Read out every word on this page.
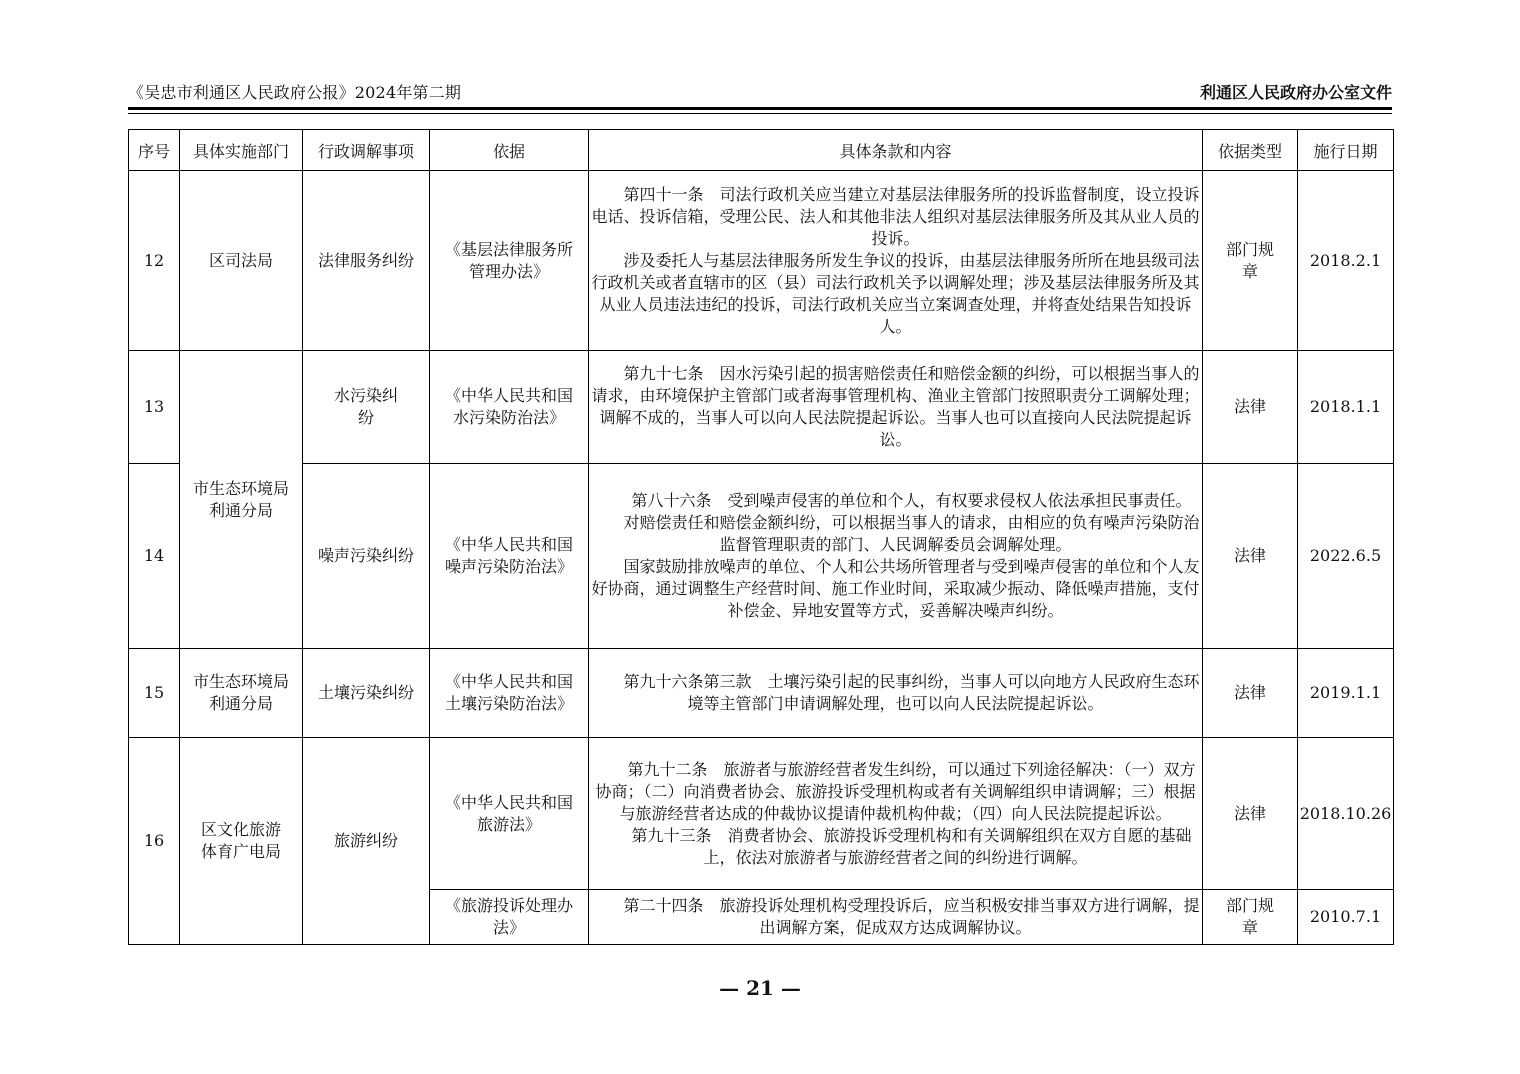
《吴忠市利通区人民政府公报》2024年第二期	利通区人民政府办公室文件
序号	具体实施部门	行政调解事项	依据	具体条款和内容	依据类型	施行日期
12	区司法局	法律服务纠纷	《基层法律服务所管理办法》	第四十一条　司法行政机关应当建立对基层法律服务所的投诉监督制度，设立投诉电话、投诉信箱，受理公民、法人和其他非法人组织对基层法律服务所及其从业人员的投诉。

涉及委托人与基层法律服务所发生争议的投诉，由基层法律服务所所在地县级司法行政机关或者直辖市的区（县）司法行政机关予以调解处理；涉及基层法律服务所及其从业人员违法违纪的投诉，司法行政机关应当立案调查处理，并将查处结果告知投诉人。	部门规章	2018.2.1
13	市生态环境局利通分局	水污染纠纷	《中华人民共和国水污染防治法》	第九十七条　因水污染引起的损害赔偿责任和赔偿金额的纠纷，可以根据当事人的请求，由环境保护主管部门或者海事管理机构、渔业主管部门按照职责分工调解处理；调解不成的，当事人可以向人民法院提起诉讼。当事人也可以直接向人民法院提起诉讼。	法律	2018.1.1
14		噪声污染纠纷	《中华人民共和国噪声污染防治法》	第八十六条　受到噪声侵害的单位和个人，有权要求侵权人依法承担民事责任。

对赔偿责任和赔偿金额纠纷，可以根据当事人的请求，由相应的负有噪声污染防治监督管理职责的部门、人民调解委员会调解处理。

国家鼓励排放噪声的单位、个人和公共场所管理者与受到噪声侵害的单位和个人友好协商，通过调整生产经营时间、施工作业时间，采取减少振动、降低噪声措施，支付补偿金、异地安置等方式，妥善解决噪声纠纷。	法律	2022.6.5
15	市生态环境局利通分局	土壤污染纠纷	《中华人民共和国土壤污染防治法》	第九十六条第三款　土壤污染引起的民事纠纷，当事人可以向地方人民政府生态环境等主管部门申请调解处理，也可以向人民法院提起诉讼。	法律	2019.1.1
16	区文化旅游体育广电局	旅游纠纷	《中华人民共和国旅游法》	第九十二条　旅游者与旅游经营者发生纠纷，可以通过下列途径解决：（一）双方协商；（二）向消费者协会、旅游投诉受理机构或者有关调解组织申请调解；三）根据与旅游经营者达成的仲裁协议提请仲裁机构仲裁；（四）向人民法院提起诉讼。

第九十三条　消费者协会、旅游投诉受理机构和有关调解组织在双方自愿的基础上，依法对旅游者与旅游经营者之间的纠纷进行调解。	法律	2018.10.26
			《旅游投诉处理办法》	第二十四条　旅游投诉处理机构受理投诉后，应当积极安排当事双方进行调解，提出调解方案，促成双方达成调解协议。	部门规章	2010.7.1
— 21 —
